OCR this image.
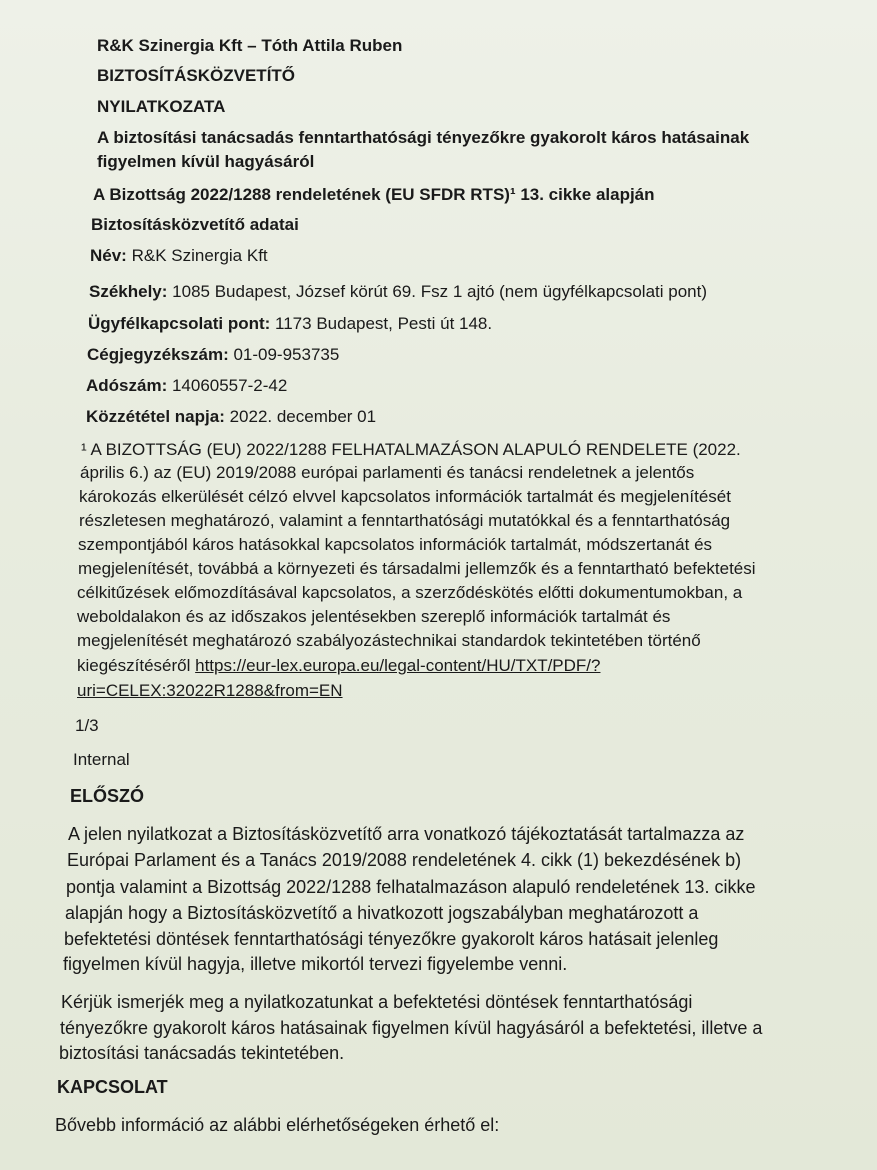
R&K Szinergia Kft – Tóth Attila Ruben

BIZTOSÍTÁSKÖZVETÍTŐ

NYILATKOZATA

A biztosítási tanácsadás fenntarthatósági tényezőkre gyakorolt káros hatásainak

figyelmen kívül hagyásáról

A Bizottság 2022/1288 rendeletének (EU SFDR RTS)¹ 13. cikke alapján

Biztosításközvetítő adatai

Név: R&K Szinergia Kft

Székhely: 1085 Budapest, József körút 69. Fsz 1 ajtó (nem ügyfélkapcsolati pont)

Ügyfélkapcsolati pont: 1173 Budapest, Pesti út 148.

Cégjegyzékszám: 01-09-953735

Adószám: 14060557-2-42

Közzététel napja: 2022. december 01

¹ A BIZOTTSÁG (EU) 2022/1288 FELHATALMAZÁSON ALAPULÓ RENDELETE (2022.

április 6.) az (EU) 2019/2088 európai parlamenti és tanácsi rendeletnek a jelentős

károkozás elkerülését célzó elvvel kapcsolatos információk tartalmát és megjelenítését

részletesen meghatározó, valamint a fenntarthatósági mutatókkal és a fenntarthatóság

szempontjából káros hatásokkal kapcsolatos információk tartalmát, módszertanát és

megjelenítését, továbbá a környezeti és társadalmi jellemzők és a fenntartható befektetési

célkitűzések előmozdításával kapcsolatos, a szerződéskötés előtti dokumentumokban, a

weboldalakon és az időszakos jelentésekben szereplő információk tartalmát és

megjelenítését meghatározó szabályozástechnikai standardok tekintetében történő

kiegészítéséről https://eur-lex.europa.eu/legal-content/HU/TXT/PDF/?

uri=CELEX:32022R1288&from=EN

1/3

Internal

ELŐSZÓ

A jelen nyilatkozat a Biztosításközvetítő arra vonatkozó tájékoztatását tartalmazza az

Európai Parlament és a Tanács 2019/2088 rendeletének 4. cikk (1) bekezdésének b)

pontja valamint a Bizottság 2022/1288 felhatalmazáson alapuló rendeletének 13. cikke

alapján hogy a Biztosításközvetítő a hivatkozott jogszabályban meghatározott a

befektetési döntések fenntarthatósági tényezőkre gyakorolt káros hatásait jelenleg

figyelmen kívül hagyja, illetve mikortól tervezi figyelembe venni.

Kérjük ismerjék meg a nyilatkozatunkat a befektetési döntések fenntarthatósági

tényezőkre gyakorolt káros hatásainak figyelmen kívül hagyásáról a befektetési, illetve a

biztosítási tanácsadás tekintetében.

KAPCSOLAT

Bővebb információ az alábbi elérhetőségeken érhető el:
